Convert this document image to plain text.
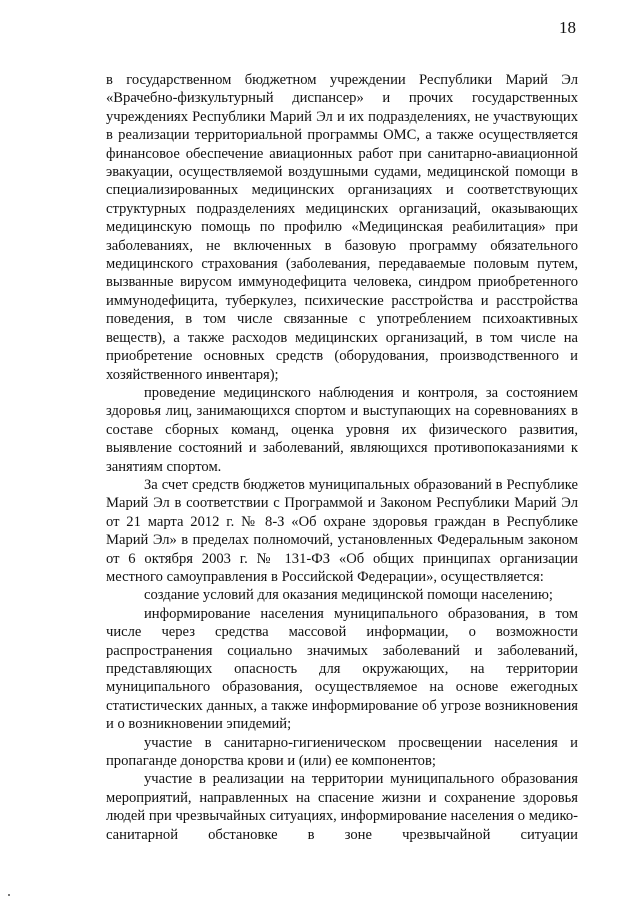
18

в государственном бюджетном учреждении Республики Марий Эл «Врачебно-физкультурный диспансер» и прочих государственных учреждениях Республики Марий Эл и их подразделениях, не участвующих в реализации территориальной программы ОМС, а также осуществляется финансовое обеспечение авиационных работ при санитарно-авиационной эвакуации, осуществляемой воздушными судами, медицинской помощи в специализированных медицинских организациях и соответствующих структурных подразделениях медицинских организаций, оказывающих медицинскую помощь по профилю «Медицинская реабилитация» при заболеваниях, не включенных в базовую программу обязательного медицинского страхования (заболевания, передаваемые половым путем, вызванные вирусом иммунодефицита человека, синдром приобретенного иммунодефицита, туберкулез, психические расстройства и расстройства поведения, в том числе связанные с употреблением психоактивных веществ), а также расходов медицинских организаций, в том числе на приобретение основных средств (оборудования, производственного и хозяйственного инвентаря);

проведение медицинского наблюдения и контроля, за состоянием здоровья лиц, занимающихся спортом и выступающих на соревнованиях в составе сборных команд, оценка уровня их физического развития, выявление состояний и заболеваний, являющихся противопоказаниями к занятиям спортом.

За счет средств бюджетов муниципальных образований в Республике Марий Эл в соответствии с Программой и Законом Республики Марий Эл от 21 марта 2012 г. № 8-З «Об охране здоровья граждан в Республике Марий Эл» в пределах полномочий, установленных Федеральным законом от 6 октября 2003 г. № 131-ФЗ «Об общих принципах организации местного самоуправления в Российской Федерации», осуществляется:

создание условий для оказания медицинской помощи населению;

информирование населения муниципального образования, в том числе через средства массовой информации, о возможности распространения социально значимых заболеваний и заболеваний, представляющих опасность для окружающих, на территории муниципального образования, осуществляемое на основе ежегодных статистических данных, а также информирование об угрозе возникновения и о возникновении эпидемий;

участие в санитарно-гигиеническом просвещении населения и пропаганде донорства крови и (или) ее компонентов;

участие в реализации на территории муниципального образования мероприятий, направленных на спасение жизни и сохранение здоровья людей при чрезвычайных ситуациях, информирование населения о медико-санитарной обстановке в зоне чрезвычайной ситуации
